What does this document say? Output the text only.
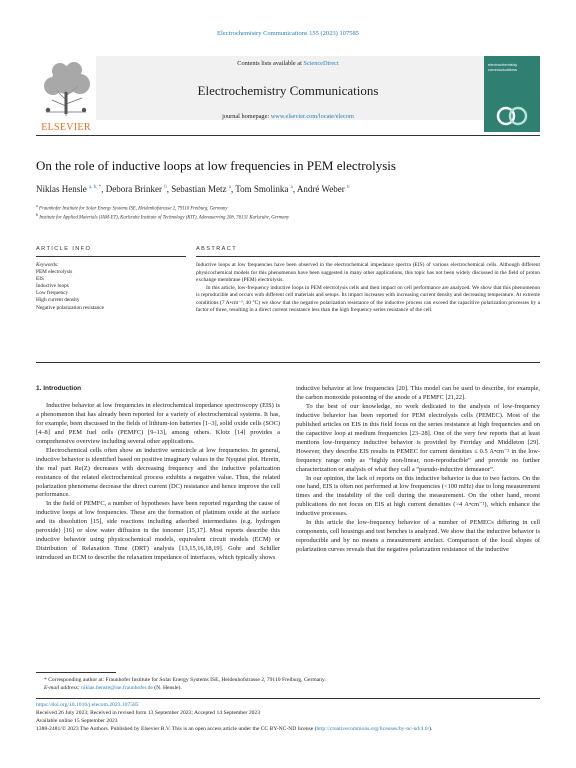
Electrochemistry Communications 155 (2023) 107585
ELSEVIER
Contents lists available at ScienceDirect
Electrochemistry Communications
journal homepage: www.elsevier.com/locate/elecom
electrochemistry communications
On the role of inductive loops at low frequencies in PEM electrolysis
Niklas Hensle $^{a, b, *}$, Debora Brinker $^b$, Sebastian Metz $^a$, Tom Smolinka $^a$, André Weber $^b$
$^a$ Fraunhofer Institute for Solar Energy Systems ISE, Heidenhofstrasse 2, 79110 Freiburg, Germany
$^b$ Institute for Applied Materials (IAM-ET), Karlsruhe Institute of Technology (KIT), Adenauerring 20b, 76131 Karlsruhe, Germany
ARTICLE INFO	ABSTRACT
Keywords:
PEM electrolysis
EIS
Inductive loops
Low frequency
High current density
Negative polarization resistance

Inductive loops at low frequencies have been observed in the electrochemical impedance spectra (EIS) of various electrochemical cells. Although different physicochemical models for this phenomenon have been suggested in many other applications, this topic has not been widely discussed in the field of proton exchange membrane (PEM) electrolysis.

In this article, low-frequency inductive loops in PEM electrolysis cells and their impact on cell performance are analyzed. We show that this phenomenon is reproducible and occurs with different cell materials and setups. Its impact increases with increasing current density and decreasing temperature. At extreme conditions (7 A•cm⁻², 40 °C) we show that the negative polarization resistance of the inductive process can exceed the capacitive polarization processes by a factor of three, resulting in a direct current resistance less than the high frequency series resistance of the cell.

1. Introduction

Inductive behavior at low frequencies in electrochemical impedance spectroscopy (EIS) is a phenomenon that has already been reported for a variety of electrochemical systems. It has, for example, been discussed in the fields of lithium-ion batteries [1–3], solid oxide cells (SOC) [4–8] and PEM fuel cells (PEMFC) [9–13], among others. Klotz [14] provides a comprehensive overview including several other applications.

Electrochemical cells often show an inductive semicircle at low frequencies. In general, inductive behavior is identified based on positive imaginary values in the Nyquist plot. Herein, the real part Re(Z) decreases with decreasing frequency and the inductive polarization resistance of the related electrochemical process exhibits a negative value. Thus, the related polarization phenomena decrease the direct current (DC) resistance and hence improve the cell performance.

In the field of PEMFC, a number of hypotheses have been reported regarding the cause of inductive loops at low frequencies. These are the formation of platinum oxide at the surface and its dissolution [15], side reactions including adsorbed intermediates (e.g. hydrogen peroxide) [16] or slow water diffusion in the ionomer [15,17]. Most reports describe this inductive behavior using physicochemical models, equivalent circuit models (ECM) or Distribution of Relaxation Time (DRT) analysis [13,15,16,18,19]. Gohr and Schiller introduced an ECM to describe the relaxation impedance of interfaces, which typically shows

inductive behavior at low frequencies [20]. This model can be used to describe, for example, the carbon monoxide poisoning of the anode of a PEMFC [21,22].

To the best of our knowledge, no work dedicated to the analysis of low-frequency inductive behavior has been reported for PEM electrolysis cells (PEMEC). Most of the published articles on EIS in this field focus on the series resistance at high frequencies and on the capacitive loop at medium frequencies [23–28]. One of the very few reports that at least mentions low-frequency inductive behavior is provided by Ferriday and Middleton [29]. However, they describe EIS results in PEMEC for current densities ≤ 0.5 A•cm⁻² in the low-frequency range only as “highly non-linear, non-reproducible” and provide no further characterization or analysis of what they call a “pseudo-inductive demeanor”.

In our opinion, the lack of reports on this inductive behavior is due to two factors. On the one hand, EIS is often not performed at low frequencies (<100 mHz) due to long measurement times and the instability of the cell during the measurement. On the other hand, recent publications do not focus on EIS at high current densities (>4 A•cm⁻²), which enhance the inductive processes.

In this article the low-frequency behavior of a number of PEMECs differing in cell components, cell housings and test benches is analyzed. We show that the inductive behavior is reproducible and by no means a measurement artefact. Comparison of the local slopes of polarization curves reveals that the negative polarization resistance of the inductive

* Corresponding author at: Fraunhofer Institute for Solar Energy Systems ISE, Heidenhofstrasse 2, 79110 Freiburg, Germany.
E-mail address: niklas.hensle@ise.fraunhofer.de (N. Hensle).
https://doi.org/10.1016/j.elecom.2023.107585
Received 26 July 2023; Received in revised form 13 September 2023; Accepted 14 September 2023
Available online 15 September 2023
1388-2481/© 2023 The Authors. Published by Elsevier B.V. This is an open access article under the CC BY-NC-ND license (http://creativecommons.org/licenses/by-nc-nd/4.0/).
